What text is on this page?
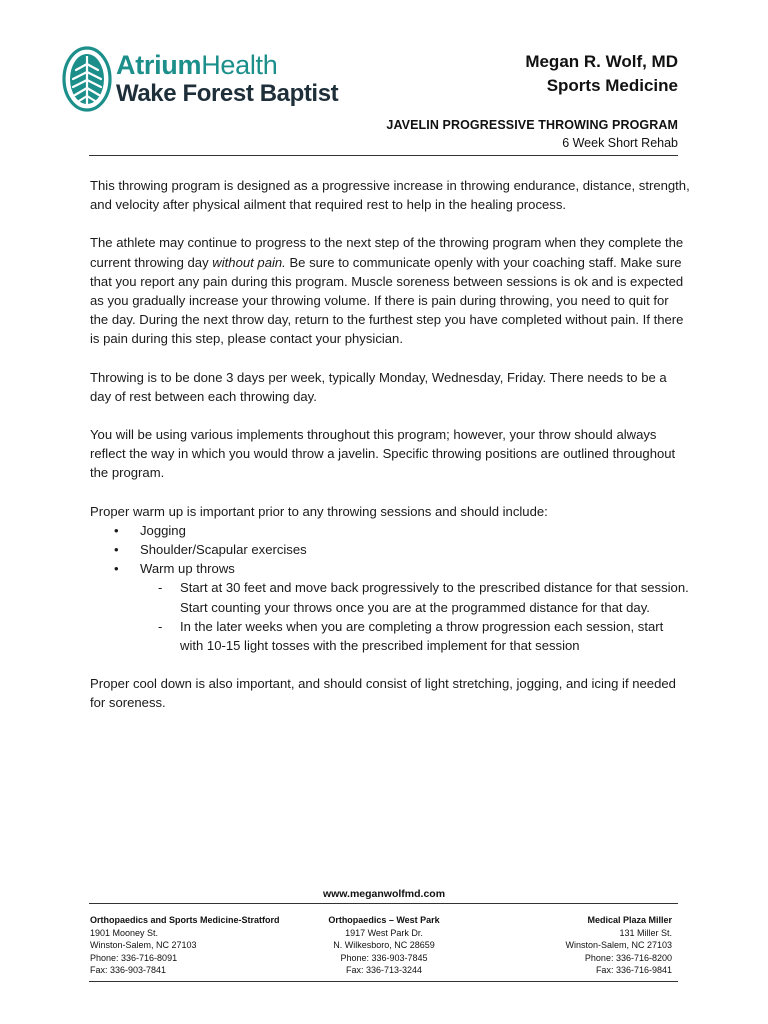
AtriumHealth
Wake Forest Baptist
Megan R. Wolf, MD
Sports Medicine
JAVELIN PROGRESSIVE THROWING PROGRAM
6 Week Short Rehab

This throwing program is designed as a progressive increase in throwing endurance, distance, strength, and velocity after physical ailment that required rest to help in the healing process.

The athlete may continue to progress to the next step of the throwing program when they complete the current throwing day without pain. Be sure to communicate openly with your coaching staff. Make sure that you report any pain during this program. Muscle soreness between sessions is ok and is expected as you gradually increase your throwing volume. If there is pain during throwing, you need to quit for the day. During the next throw day, return to the furthest step you have completed without pain. If there is pain during this step, please contact your physician.

Throwing is to be done 3 days per week, typically Monday, Wednesday, Friday. There needs to be a day of rest between each throwing day.

You will be using various implements throughout this program; however, your throw should always reflect the way in which you would throw a javelin. Specific throwing positions are outlined throughout the program.

Proper warm up is important prior to any throwing sessions and should include:

• Jogging
• Shoulder/Scapular exercises
• Warm up throws
- Start at 30 feet and move back progressively to the prescribed distance for that session. Start counting your throws once you are at the programmed distance for that day.
- In the later weeks when you are completing a throw progression each session, start with 10-15 light tosses with the prescribed implement for that session

Proper cool down is also important, and should consist of light stretching, jogging, and icing if needed for soreness.

www.meganwolfmd.com
Orthopaedics and Sports Medicine-Stratford
1901 Mooney St.
Winston-Salem, NC 27103
Phone: 336-716-8091
Fax: 336-903-7841
Orthopaedics – West Park
1917 West Park Dr.
N. Wilkesboro, NC 28659
Phone: 336-903-7845
Fax: 336-713-3244
Medical Plaza Miller
131 Miller St.
Winston-Salem, NC 27103
Phone: 336-716-8200
Fax: 336-716-9841
